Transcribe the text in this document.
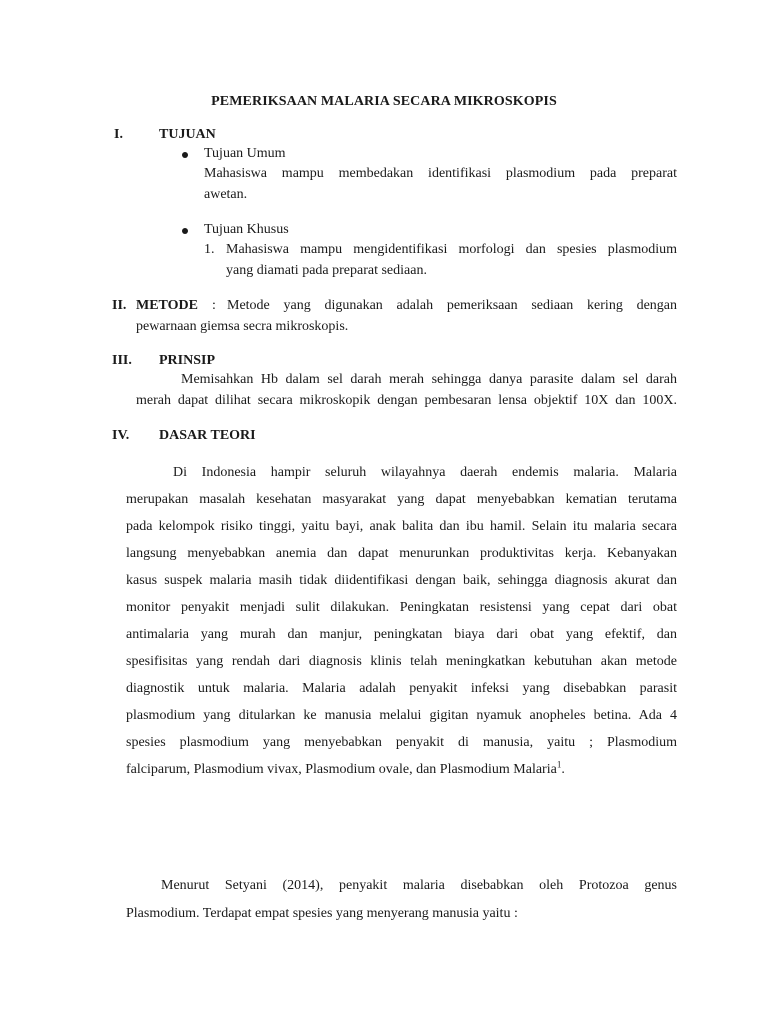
PEMERIKSAAN MALARIA SECARA MIKROSKOPIS
I.	TUJUAN
Tujuan Umum
Mahasiswa mampu membedakan identifikasi plasmodium pada preparat
awetan.
Tujuan Khusus
1. Mahasiswa mampu mengidentifikasi morfologi dan spesies plasmodium
yang diamati pada preparat sediaan.
II. METODE : Metode yang digunakan adalah pemeriksaan sediaan kering dengan
pewarnaan giemsa secra mikroskopis.
III. PRINSIP
Memisahkan Hb dalam sel darah merah sehingga danya parasite dalam sel darah
merah dapat dilihat secara mikroskopik dengan pembesaran lensa objektif 10X dan 100X.
IV. DASAR TEORI
Di Indonesia hampir seluruh wilayahnya daerah endemis malaria. Malaria
merupakan masalah kesehatan masyarakat yang dapat menyebabkan kematian terutama
pada kelompok risiko tinggi, yaitu bayi, anak balita dan ibu hamil. Selain itu malaria secara
langsung menyebabkan anemia dan dapat menurunkan produktivitas kerja. Kebanyakan
kasus suspek malaria masih tidak diidentifikasi dengan baik, sehingga diagnosis akurat dan
monitor penyakit menjadi sulit dilakukan. Peningkatan resistensi yang cepat dari obat
antimalaria yang murah dan manjur, peningkatan biaya dari obat yang efektif, dan
spesifisitas yang rendah dari diagnosis klinis telah meningkatkan kebutuhan akan metode
diagnostik untuk malaria. Malaria adalah penyakit infeksi yang disebabkan parasit
plasmodium yang ditularkan ke manusia melalui gigitan nyamuk anopheles betina. Ada 4
spesies plasmodium yang menyebabkan penyakit di manusia, yaitu ; Plasmodium
falciparum, Plasmodium vivax, Plasmodium ovale, dan Plasmodium Malaria$^1$.
Menurut Setyani (2014), penyakit malaria disebabkan oleh Protozoa genus
Plasmodium. Terdapat empat spesies yang menyerang manusia yaitu :
